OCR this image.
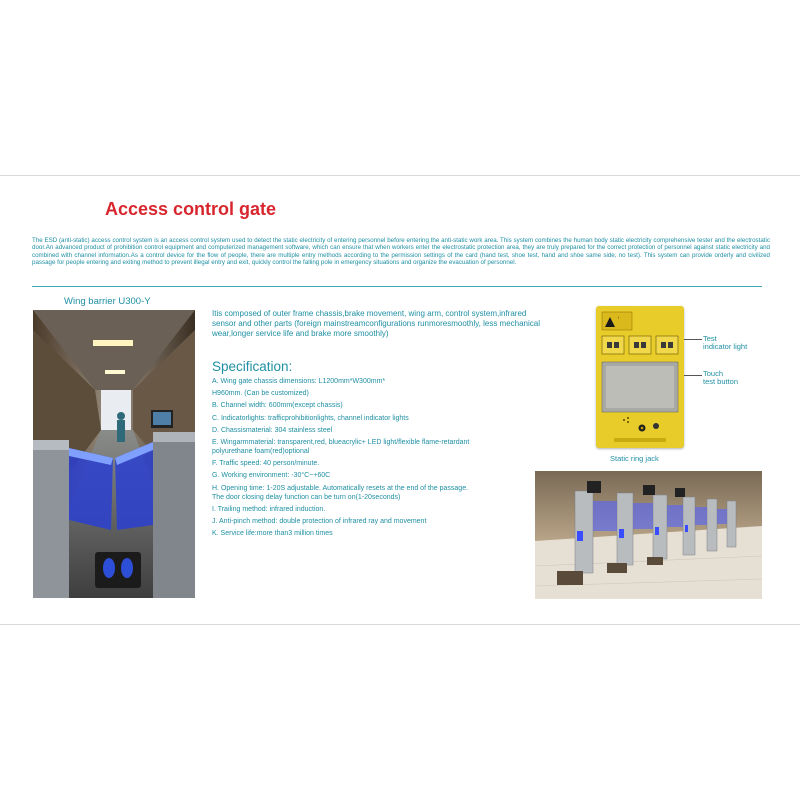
Access control gate

The ESD (anti-static) access control system is an access control system used to detect the static electricity of entering personnel before entering the anti-static work area. This system combines the human body static electricity comprehensive tester and the electrostatic door.An advanced product of prohibition control equipment and computerized management software, which can ensure that when workers enter the electrostatic protection area, they are truly prepared for the correct protection of personnel against static electricity and combined with channel information.As a control device for the flow of people, there are multiple entry methods according to the permission settings of the card (hand test, shoe test, hand and shoe same side, no test). This system can provide orderly and civilized passage for people entering and exiting method to prevent illegal entry and exit, quickly control the falling pole in emergency situations and organize the evacuation of personnel.

Wing barrier U300-Y

Itis composed of outer frame chassis,brake movement, wing arm, control system,infrared sensor and other parts (foreign mainstreamconfigurations runmoresmoothly, less mechanical wear,longer service life and brake more smoothly)

Specification:
A. Wing gate chassis dimensions: L1200mm*W300mm*
H960mm. (Can be customized)
B. Channel width: 600mm(except chassis)
C. Indicatorlights: trafficprohibitionlights, channel indicator lights
D. Chassismaterial: 304 stainless steel
E. Wingarmmaterial: transparent,red, blueacrylic+ LED light/flexible flame-retardant
polyurethane foam(red)optional
F. Traffic speed: 40 person/minute.
G. Working environment: -30°C~+60C
H. Opening time: 1-20S adjustable. Automatically resets at the end of the passage.
The door closing delay function can be turn on(1-20seconds)
I. Trailing method: infrared induction.
J. Anti-pinch method: double protection of infrared ray and movement
K. Service life:more than3 million times
!

Test
indicator light

Touch
test button

Static ring jack
